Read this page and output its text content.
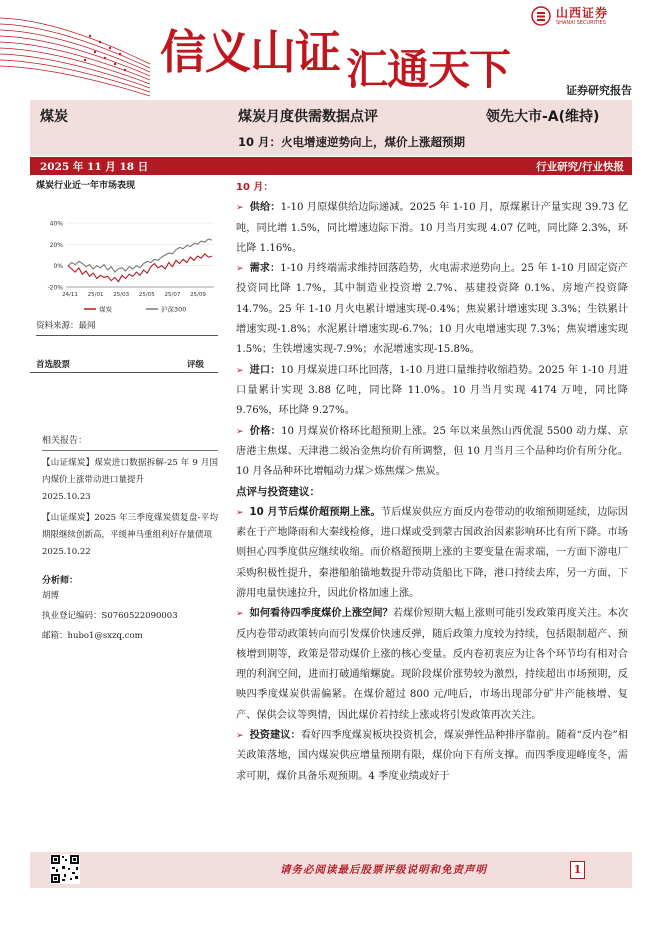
信义山证 汇通天下
山西证券
SHANXI SECURITIES
证券研究报告
煤炭	煤炭月度供需数据点评	领先大市-A(维持)
10 月：火电增速逆势向上，煤价上涨超预期
2025 年 11 月 18 日	行业研究/行业快报
煤炭行业近一年市场表现
40%
20%
0%
-20%
24/11 25/01 25/03 25/05 25/07 25/09
煤炭	沪深300
资料来源：最闻
首选股票	评级
相关报告：
【山证煤炭】煤炭进口数据拆解-25 年 9 月国内煤价上涨带动进口量提升
2025.10.23
【山证煤炭】2025 年三季度煤炭债复盘-平均期限继续创新高，平缓神马重组利好存量债项
2025.10.22
分析师：
胡博
执业登记编码：S0760522090003
邮箱：hubo1@sxzq.com
10 月：

➢ 供给：1-10 月原煤供给边际递减。2025 年 1-10 月，原煤累计产量实现 39.73 亿吨，同比增 1.5%，同比增速边际下滑。10 月当月实现 4.07 亿吨，同比降 2.3%，环比降 1.16%。

➢ 需求：1-10 月终端需求维持回落趋势，火电需求逆势向上。25 年 1-10 月固定资产投资同比降 1.7%，其中制造业投资增 2.7%、基建投资降 0.1%、房地产投资降 14.7%。25 年 1-10 月火电累计增速实现-0.4%；焦炭累计增速实现 3.3%；生铁累计增速实现-1.8%；水泥累计增速实现-6.7%；10 月火电增速实现 7.3%；焦炭增速实现 1.5%；生铁增速实现-7.9%；水泥增速实现-15.8%。

➢ 进口：10 月煤炭进口环比回落，1-10 月进口量维持收缩趋势。2025 年 1-10 月进口量累计实现 3.88 亿吨，同比降 11.0%。10 月当月实现 4174 万吨，同比降 9.76%，环比降 9.27%。

➢ 价格：10 月煤炭价格环比超预期上涨。25 年以来虽然山西优混 5500 动力煤、京唐港主焦煤、天津港二级冶金焦均价有所调整，但 10 月当月三个品种均价有所分化。10 月各品种环比增幅动力煤＞炼焦煤＞焦炭。

点评与投资建议：

➢ 10 月节后煤价超预期上涨。节后煤炭供应方面反内卷带动的收缩预期延续，边际因素在于产地降雨和大秦线检修，进口煤或受到蒙古国政治因素影响环比有所下降。市场则担心四季度供应继续收缩。而价格超预期上涨的主要变量在需求端，一方面下游电厂采购积极性提升，秦港船舶锚地数提升带动货船比下降，港口持续去库，另一方面，下游用电量快速拉升，因此价格加速上涨。

➢ 如何看待四季度煤价上涨空间？若煤价短期大幅上涨则可能引发政策再度关注。本次反内卷带动政策转向而引发煤价快速反弹，随后政策力度较为持续，包括限制超产、预核增到期等，政策是带动煤价上涨的核心变量。反内卷初衷应为让各个环节均有相对合理的利润空间，进而打破通缩螺旋。现阶段煤价涨势较为激烈，持续超出市场预期，反映四季度煤炭供需偏紧。在煤价超过 800 元/吨后，市场出现部分矿井产能核增、复产、保供会议等舆情，因此煤价若持续上涨或将引发政策再次关注。

➢ 投资建议：看好四季度煤炭板块投资机会，煤炭弹性品种排序靠前。随着“反内卷”相关政策落地，国内煤炭供应增量预期有限，煤价向下有所支撑。而四季度迎峰度冬，需求可期，煤价具备乐观预期。4 季度业绩或好于

请务必阅读最后股票评级说明和免责声明	1
